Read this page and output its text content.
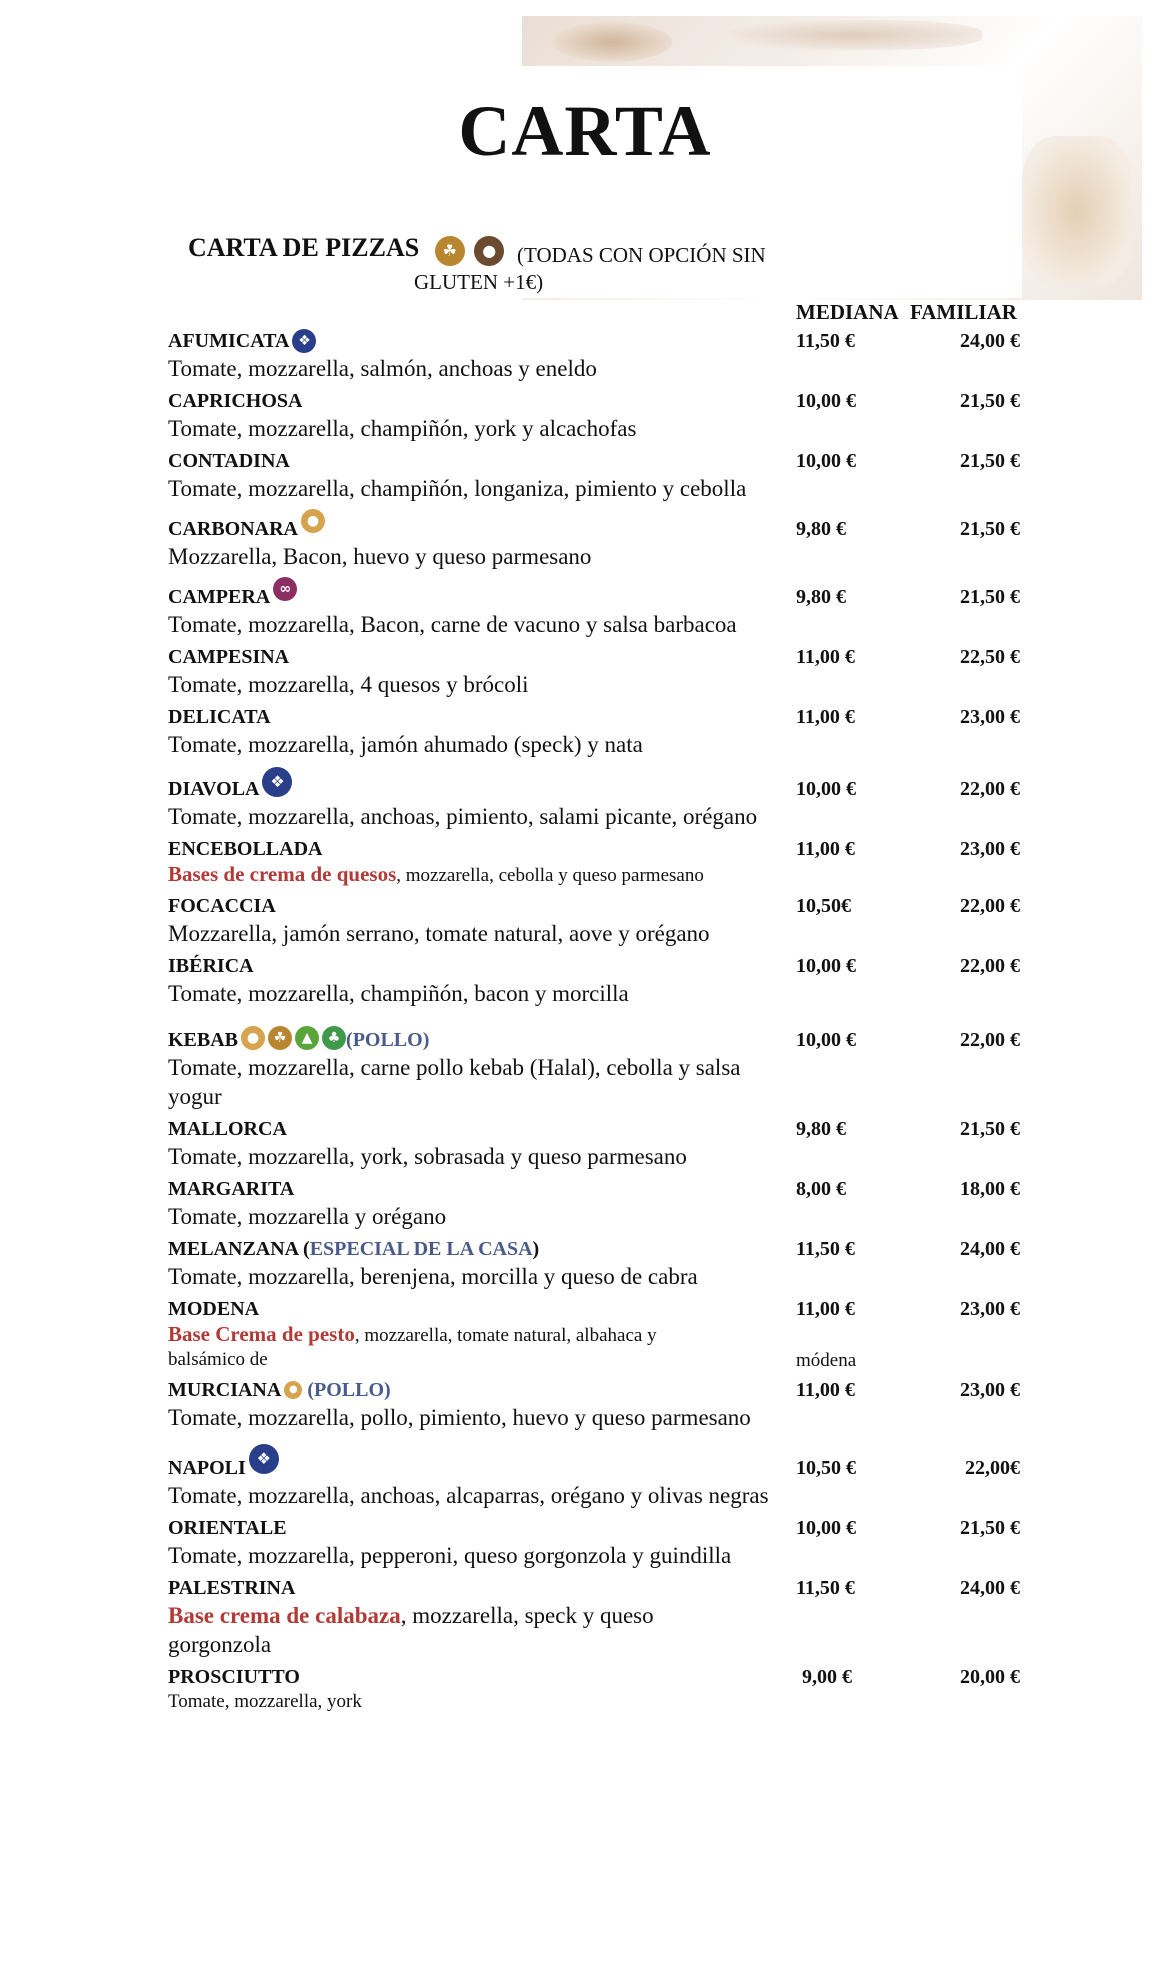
CARTA
CARTA DE PIZZAS ☘ ● (TODAS CON OPCIÓN SIN
GLUTEN +1€)
MEDIANA FAMILIAR
AFUMICATA ❖	11,50 €	24,00 €
Tomate, mozzarella, salmón, anchoas y eneldo
CAPRICHOSA	10,00 €	21,50 €
Tomate, mozzarella, champiñón, york y alcachofas
CONTADINA	10,00 €	21,50 €
Tomate, mozzarella, champiñón, longaniza, pimiento y cebolla
CARBONARA ●	9,80 €	21,50 €
Mozzarella, Bacon, huevo y queso parmesano
CAMPERA ∞	9,80 €	21,50 €
Tomate, mozzarella, Bacon, carne de vacuno y salsa barbacoa
CAMPESINA	11,00 €	22,50 €
Tomate, mozzarella, 4 quesos y brócoli
DELICATA	11,00 €	23,00 €
Tomate, mozzarella, jamón ahumado (speck) y nata
DIAVOLA ❖	10,00 €	22,00 €
Tomate, mozzarella, anchoas, pimiento, salami picante, orégano
ENCEBOLLADA	11,00 €	23,00 €
Bases de crema de quesos, mozzarella, cebolla y queso parmesano
FOCACCIA	10,50€	22,00 €
Mozzarella, jamón serrano, tomate natural, aove y orégano
IBÉRICA	10,00 €	22,00 €
Tomate, mozzarella, champiñón, bacon y morcilla
KEBAB ● ☘ ▲ ♣ (POLLO)	10,00 €	22,00 €
Tomate, mozzarella, carne pollo kebab (Halal), cebolla y salsa yogur
MALLORCA	9,80 €	21,50 €
Tomate, mozzarella, york, sobrasada y queso parmesano
MARGARITA	8,00 €	18,00 €
Tomate, mozzarella y orégano
MELANZANA (ESPECIAL DE LA CASA)	11,50 €	24,00 €
Tomate, mozzarella, berenjena, morcilla y queso de cabra
MODENA	11,00 €	23,00 €
Base Crema de pesto, mozzarella, tomate natural, albahaca y
balsámico de	módena
MURCIANA ● (POLLO)	11,00 €	23,00 €
Tomate, mozzarella, pollo, pimiento, huevo y queso parmesano
NAPOLI ❖	10,50 €	22,00€
Tomate, mozzarella, anchoas, alcaparras, orégano y olivas negras
ORIENTALE	10,00 €	21,50 €
Tomate, mozzarella, pepperoni, queso gorgonzola y guindilla
PALESTRINA	11,50 €	24,00 €
Base crema de calabaza, mozzarella, speck y queso gorgonzola
PROSCIUTTO	9,00 €	20,00 €
Tomate, mozzarella, york
